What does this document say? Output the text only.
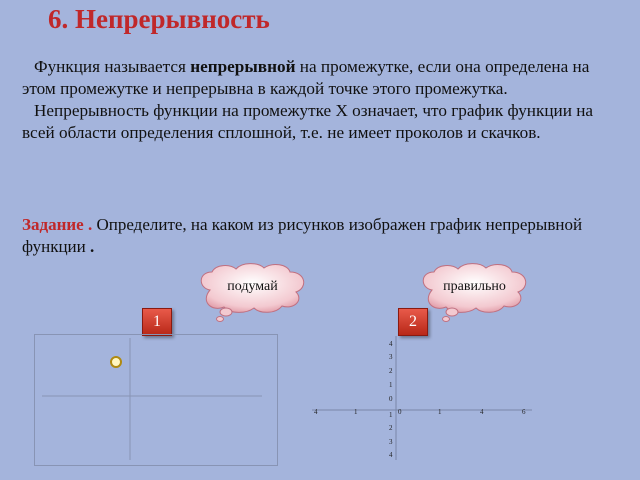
6. Непрерывность

Функция называется непрерывной на промежутке, если она определена на этом промежутке и непрерывна в каждой точке этого промежутка.

Непрерывность функции на промежутке Х означает, что график функции на всей области определения сплошной, т.е. не имеет проколов и скачков.

Задание . Определите, на каком из рисунков изображен график непрерывной функции .
подумай	правильно
1	2
4	1	0	1	4	6
4
3
2
1
0
1
2
3
4
